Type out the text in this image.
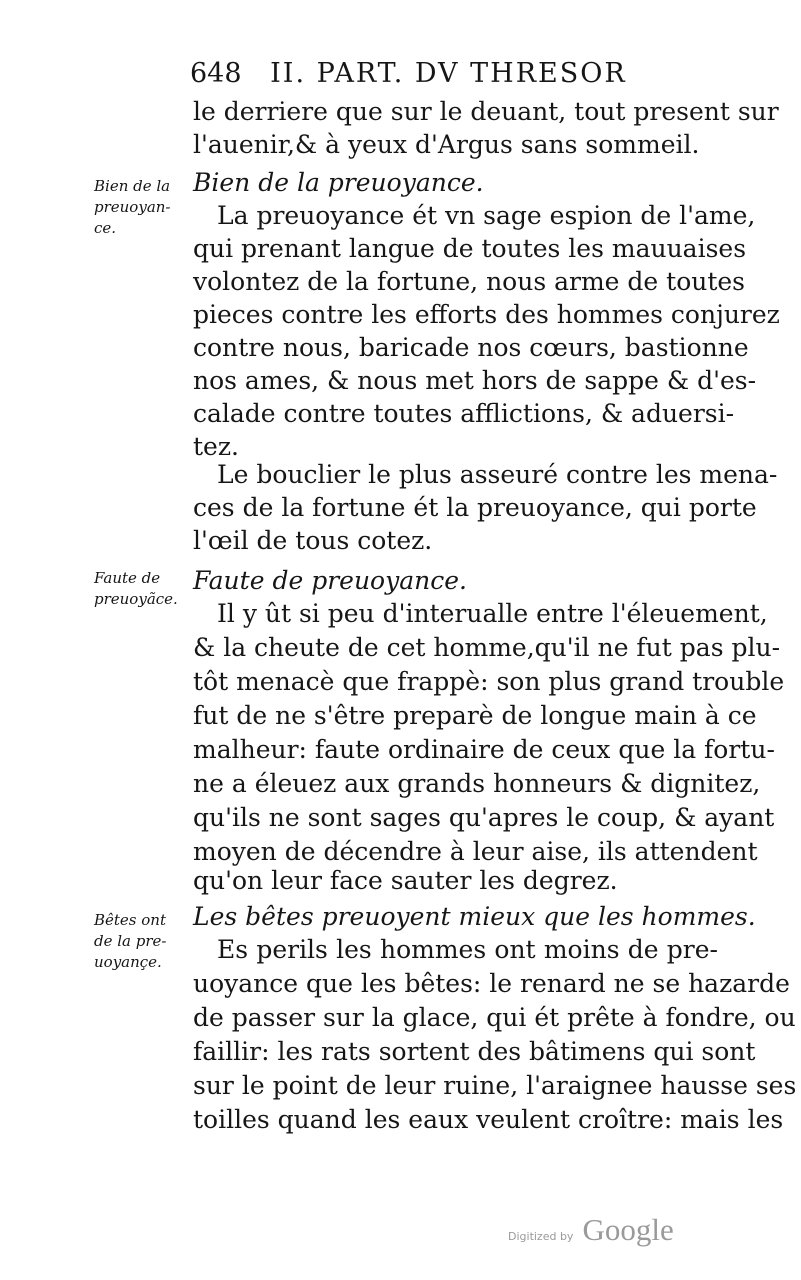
648 II. PART. DV THRESOR
le derriere que sur le deuant, tout present sur
l'auenir,& à yeux d'Argus sans sommeil.
Bien de la
preuoyan-
ce.
Bien de la preuoyance.
La preuoyance ét vn sage espion de l'ame,
qui prenant langue de toutes les mauuaises
volontez de la fortune, nous arme de toutes
pieces contre les efforts des hommes conjurez
contre nous, baricade nos cœurs, bastionne
nos ames, & nous met hors de sappe & d'es-
calade contre toutes afflictions, & aduersi-
tez.
Le bouclier le plus asseuré contre les mena-
ces de la fortune ét la preuoyance, qui porte
l'œil de tous cotez.
Faute de
preuoyãce.
Faute de preuoyance.
Il y ût si peu d'interualle entre l'éleuement,
& la cheute de cet homme,qu'il ne fut pas plu-
tôt menacè que frappè: son plus grand trouble
fut de ne s'être preparè de longue main à ce
malheur: faute ordinaire de ceux que la fortu-
ne a éleuez aux grands honneurs & dignitez,
qu'ils ne sont sages qu'apres le coup, & ayant
moyen de décendre à leur aise, ils attendent
qu'on leur face sauter les degrez.
Bêtes ont
de la pre-
uoyançe.
Les bêtes preuoyent mieux que les hommes.
Es perils les hommes ont moins de pre-
uoyance que les bêtes: le renard ne se hazarde
de passer sur la glace, qui ét prête à fondre, ou
faillir: les rats sortent des bâtimens qui sont
sur le point de leur ruine, l'araignee hausse ses
toilles quand les eaux veulent croître: mais les
Digitized by Google
